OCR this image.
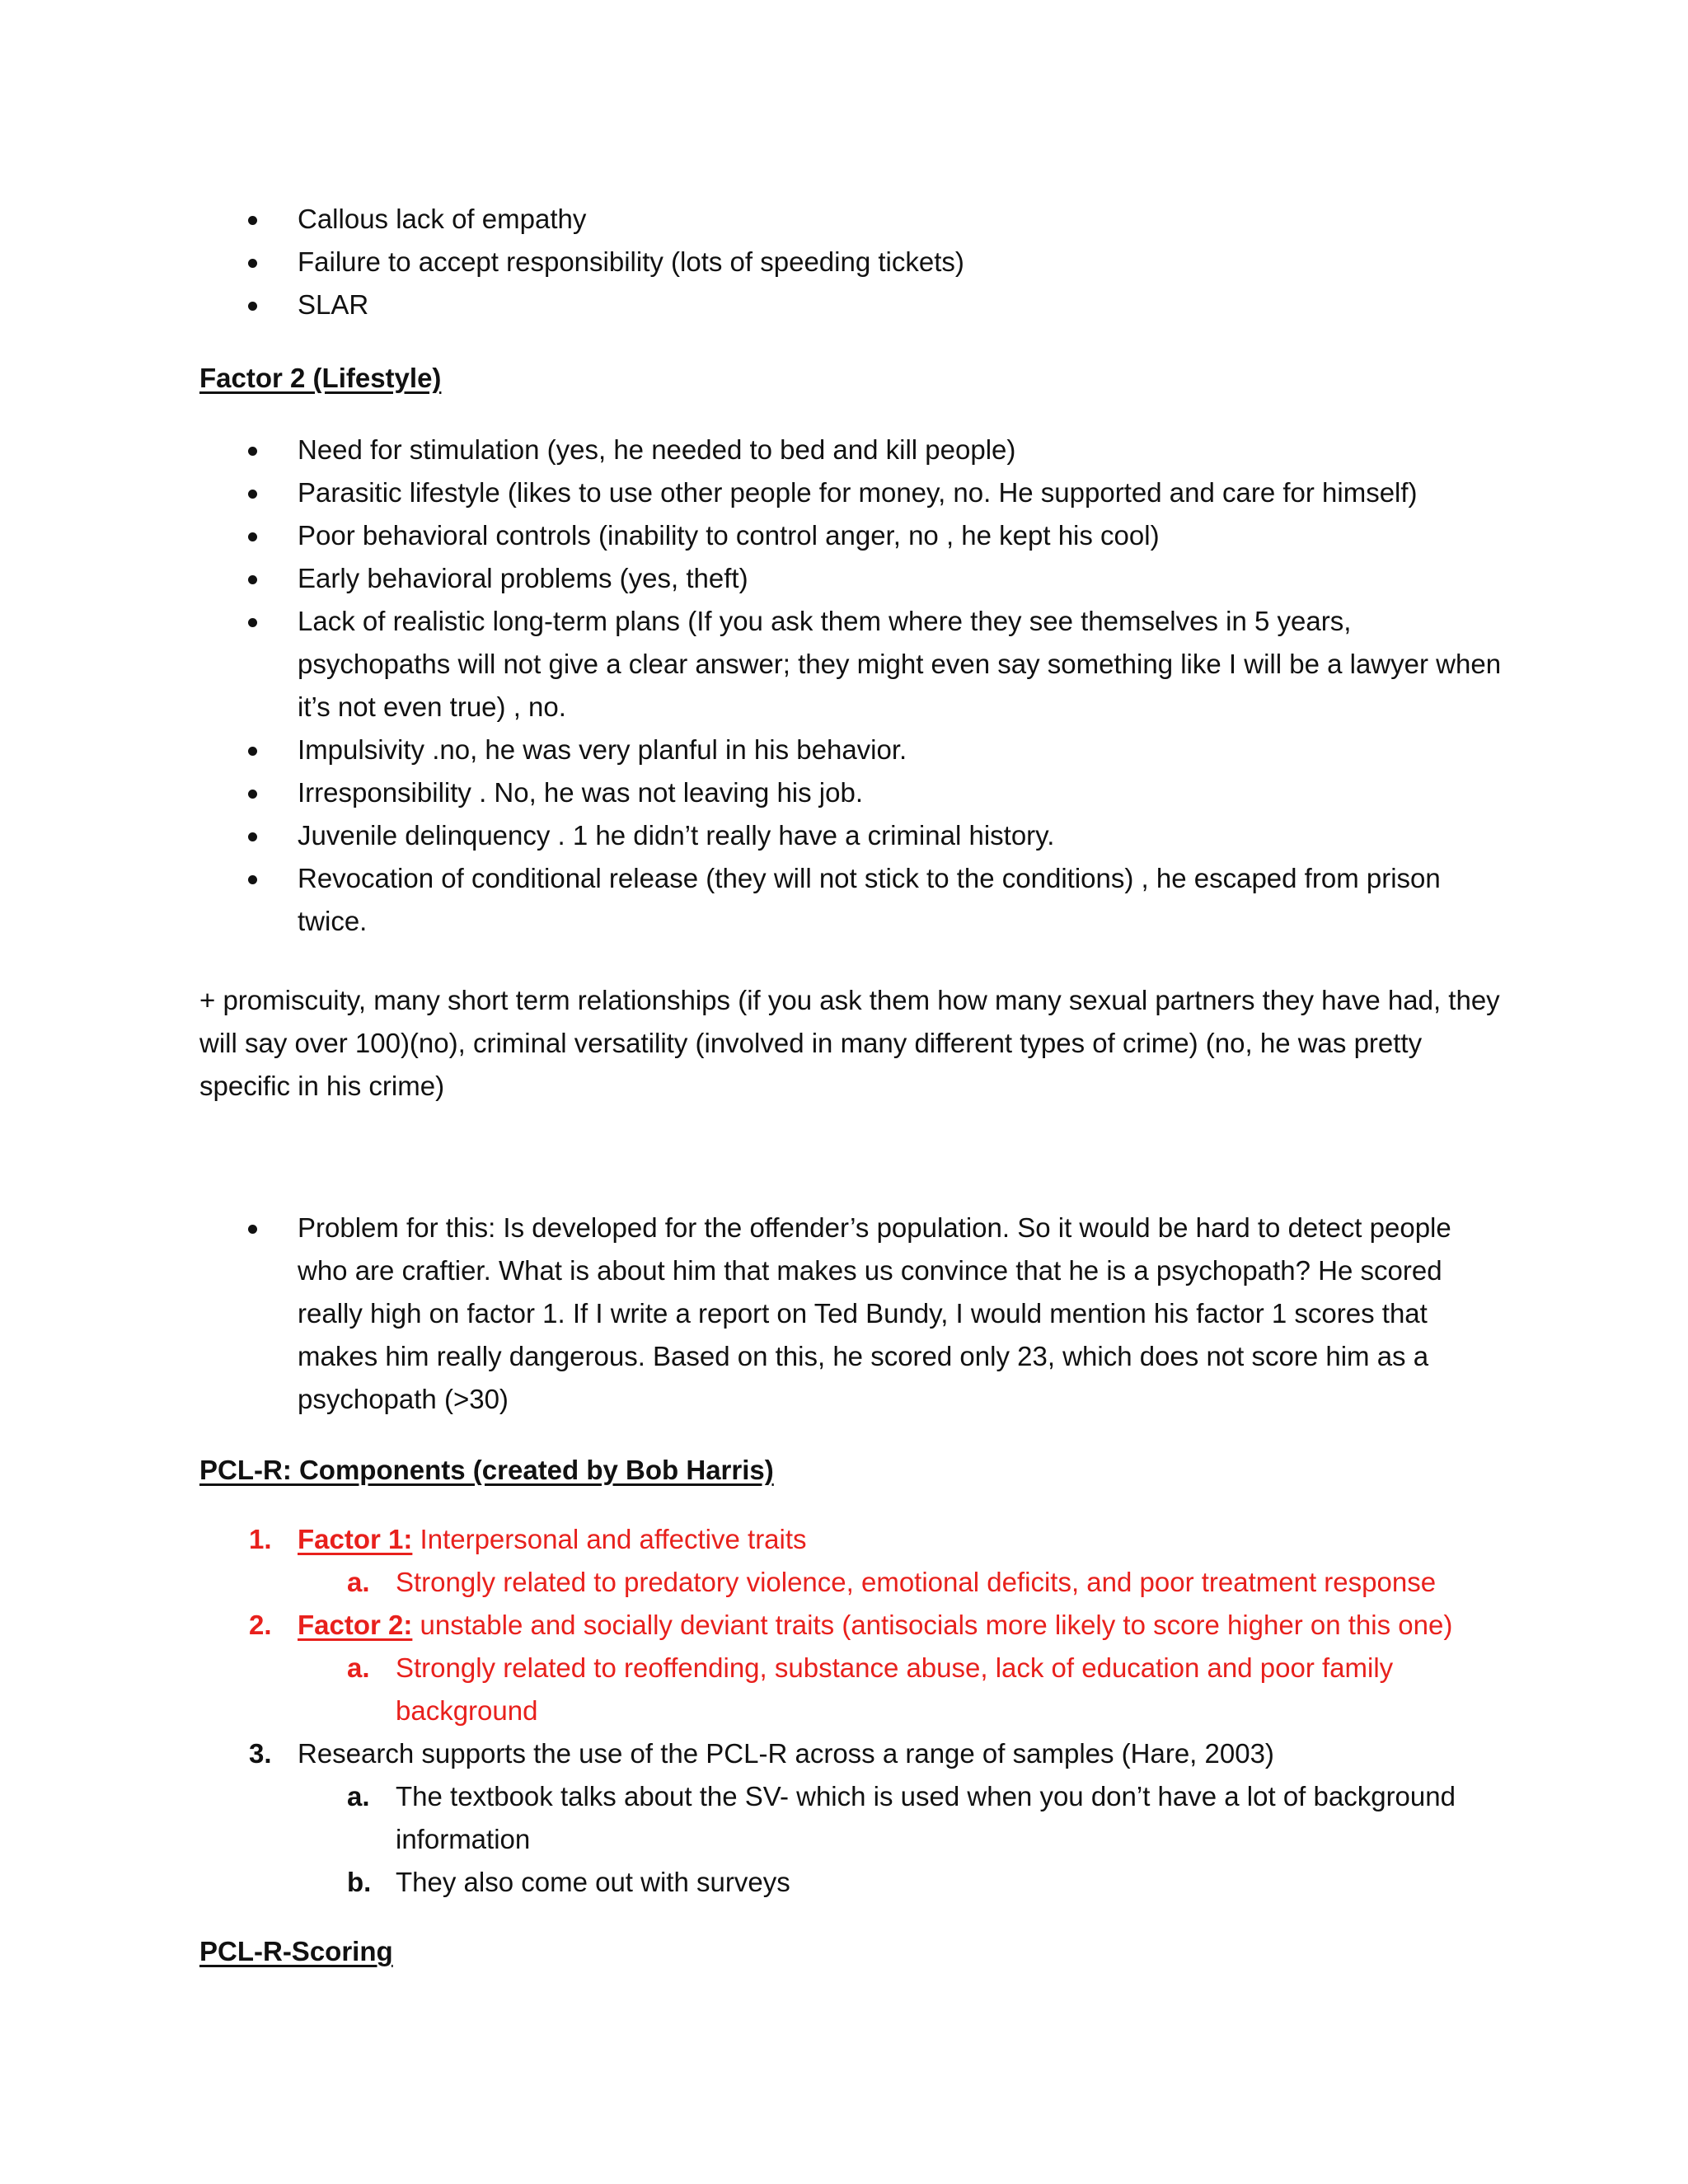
Callous lack of empathy
Failure to accept responsibility (lots of speeding tickets)
SLAR
Factor 2 (Lifestyle)
Need for stimulation (yes, he needed to bed and kill people)
Parasitic lifestyle (likes to use other people for money, no. He supported and care for himself)
Poor behavioral controls (inability to control anger, no , he kept his cool)
Early behavioral problems (yes, theft)
Lack of realistic long-term plans (If you ask them where they see themselves in 5 years, psychopaths will not give a clear answer; they might even say something like I will be a lawyer when it’s not even true) , no.
Impulsivity .no, he was very planful in his behavior.
Irresponsibility . No, he was not leaving his job.
Juvenile delinquency . 1 he didn’t really have a criminal history.
Revocation of conditional release (they will not stick to the conditions) , he escaped from prison twice.
+ promiscuity, many short term relationships (if you ask them how many sexual partners they have had, they will say over 100)(no), criminal versatility (involved in many different types of crime) (no, he was pretty specific in his crime)
Problem for this: Is developed for the offender’s population. So it would be hard to detect people who are craftier. What is about him that makes us convince that he is a psychopath? He scored really high on factor 1. If I write a report on Ted Bundy, I would mention his factor 1 scores that makes him really dangerous. Based on this, he scored only 23, which does not score him as a psychopath (>30)
PCL-R: Components (created by Bob Harris)
1. Factor 1: Interpersonal and affective traits
a. Strongly related to predatory violence, emotional deficits, and poor treatment response
2. Factor 2: unstable and socially deviant traits (antisocials more likely to score higher on this one)
a. Strongly related to reoffending, substance abuse, lack of education and poor family background
3. Research supports the use of the PCL-R across a range of samples (Hare, 2003)
a. The textbook talks about the SV- which is used when you don’t have a lot of background information
b. They also come out with surveys
PCL-R-Scoring
